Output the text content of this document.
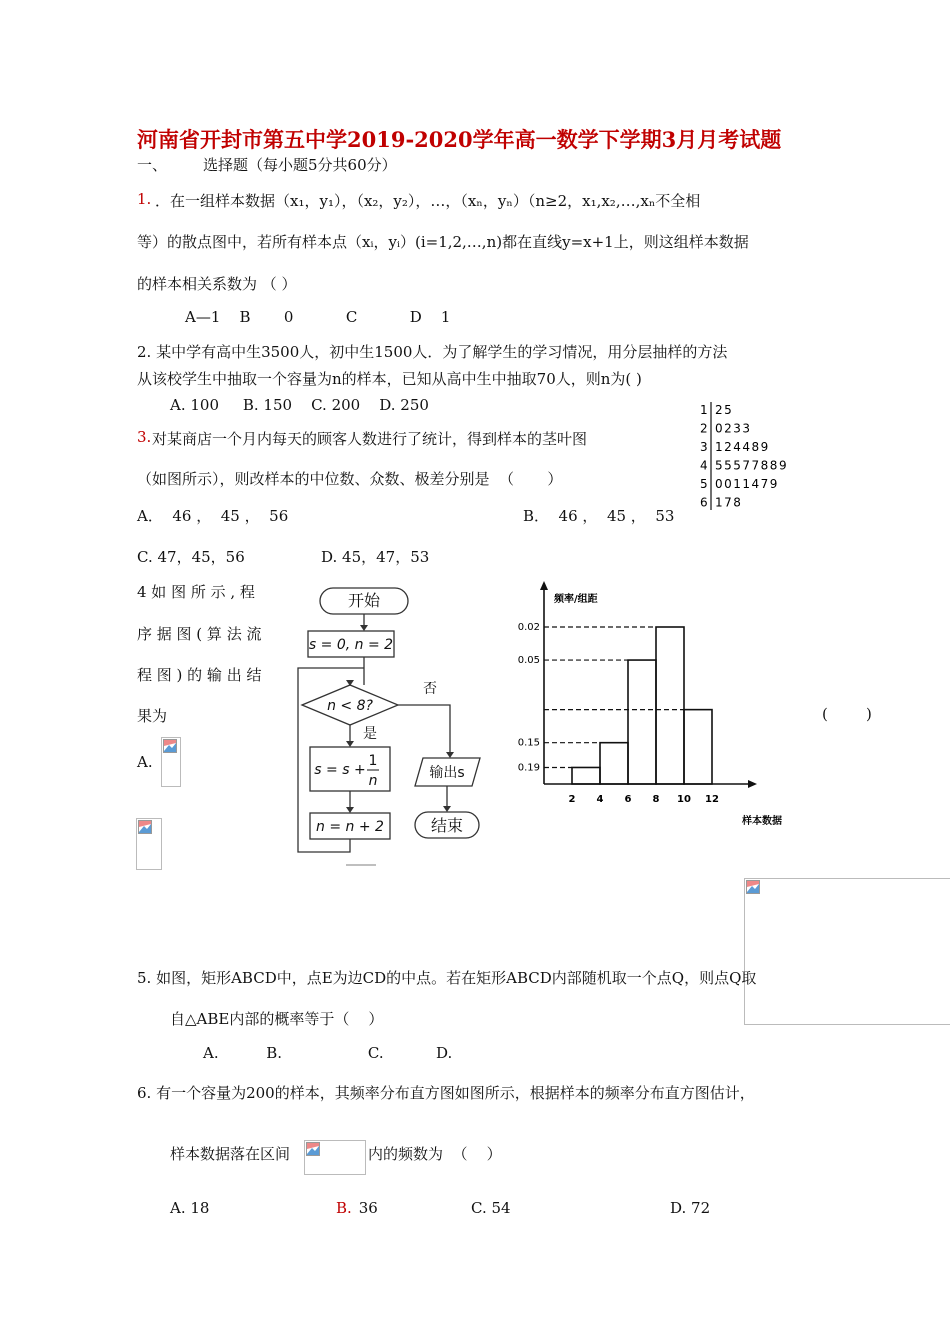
河南省开封市第五中学2019-2020学年高一数学下学期3月月考试题
一、 选择题（每小题5分共60分）
1. ．在一组样本数据（x₁，y₁），（x₂，y₂），…，（xₙ，yₙ）（n≥2，x₁,x₂,…,xₙ不全相
等）的散点图中，若所有样本点（xᵢ，yᵢ）(i=1,2,…,n)都在直线y=x+1上，则这组样本数据
的样本相关系数为 （ ）
A—1    B       0           C           D    1
2. 某中学有高中生3500人，初中生1500人．为了解学生的学习情况，用分层抽样的方法
从该校学生中抽取一个容量为n的样本，已知从高中生中抽取70人，则n为( )
A. 100     B. 150    C. 200    D. 250	1 25
2 0233
3 124489
4 55577889
5 0011479
6 178
3. 对某商店一个月内每天的顾客人数进行了统计，得到样本的茎叶图
（如图所示），则改样本的中位数、众数、极差分别是  （       ）
A．  46 ，  45 ，  56	B．  46 ，  45 ，  53
C. 47，45，56                D. 45，47，53
4 如 图 所 示 , 程
序 据 图 ( 算 法 流
程 图 ) 的 输 出 结
果为
A.
(        )
开始
s = 0, n = 2
n < 8?
是
否
s = s +
1
n
n = n + 2
输出s
结束
频率/组距
样本数据
0.19
0.15
0.05
0.02
2 4 6 8 10 12
5. 如图，矩形ABCD中，点E为边CD的中点。若在矩形ABCD内部随机取一个点Q，则点Q取
自△ABE内部的概率等于（    ）
A.          B.                  C.           D.
6. 有一个容量为200的样本，其频率分布直方图如图所示，根据样本的频率分布直方图估计，
样本数据落在区间	内的频数为  （    ）
A. 18	B. 36	C. 54	D. 72
